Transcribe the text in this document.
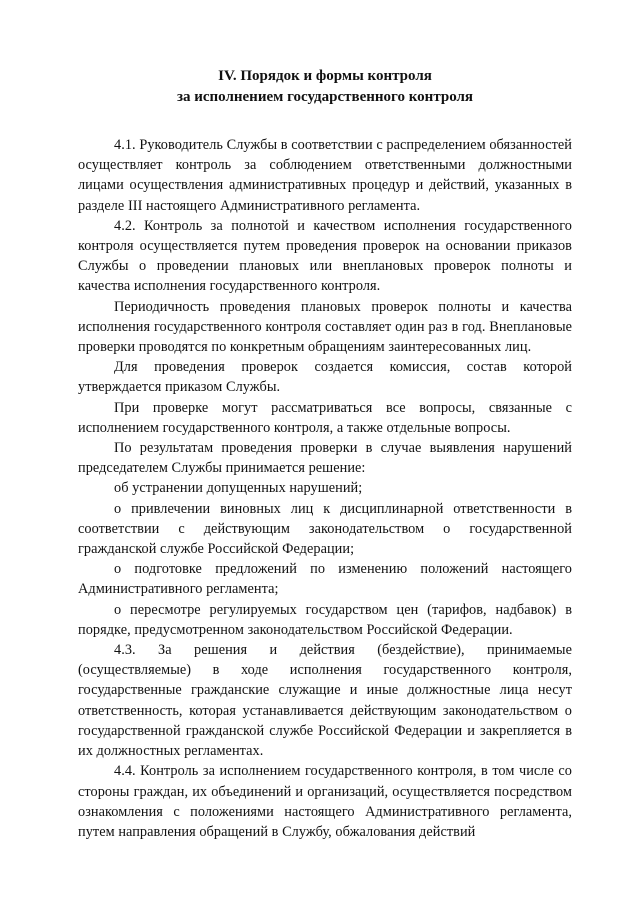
IV. Порядок и формы контроля
за исполнением государственного контроля

4.1. Руководитель Службы в соответствии с распределением обязанностей осуществляет контроль за соблюдением ответственными должностными лицами осуществления административных процедур и действий, указанных в разделе III настоящего Административного регламента.

4.2. Контроль за полнотой и качеством исполнения государственного контроля осуществляется путем проведения проверок на основании приказов Службы о проведении плановых или внеплановых проверок полноты и качества исполнения государственного контроля.

Периодичность проведения плановых проверок полноты и качества исполнения государственного контроля составляет один раз в год. Внеплановые проверки проводятся по конкретным обращениям заинтересованных лиц.

Для проведения проверок создается комиссия, состав которой утверждается приказом Службы.

При проверке могут рассматриваться все вопросы, связанные с исполнением государственного контроля, а также отдельные вопросы.

По результатам проведения проверки в случае выявления нарушений председателем Службы принимается решение:

об устранении допущенных нарушений;

о привлечении виновных лиц к дисциплинарной ответственности в соответствии с действующим законодательством о государственной гражданской службе Российской Федерации;

о подготовке предложений по изменению положений настоящего Административного регламента;

о пересмотре регулируемых государством цен (тарифов, надбавок) в порядке, предусмотренном законодательством Российской Федерации.

4.3. За решения и действия (бездействие), принимаемые (осуществляемые) в ходе исполнения государственного контроля, государственные гражданские служащие и иные должностные лица несут ответственность, которая устанавливается действующим законодательством о государственной гражданской службе Российской Федерации и закрепляется в их должностных регламентах.

4.4. Контроль за исполнением государственного контроля, в том числе со стороны граждан, их объединений и организаций, осуществляется посредством ознакомления с положениями настоящего Административного регламента, путем направления обращений в Службу, обжалования действий
